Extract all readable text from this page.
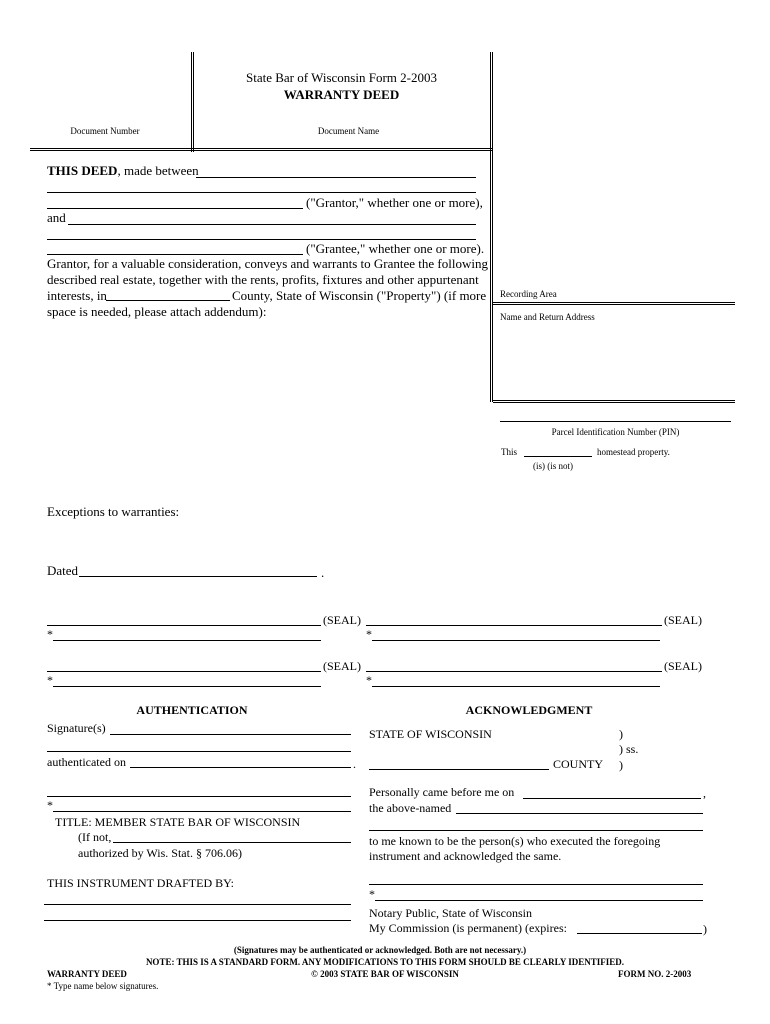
State Bar of Wisconsin Form 2-2003
WARRANTY DEED
Document Number	Document Name
THIS DEED, made between
("Grantor," whether one or more),
and
("Grantee," whether one or more).
Grantor, for a valuable consideration, conveys and warrants to Grantee the following
described real estate, together with the rents, profits, fixtures and other appurtenant
interests, in	County, State of Wisconsin ("Property") (if more
space is needed, please attach addendum):
Recording Area
Name and Return Address
Parcel Identification Number (PIN)
This	homestead property.
(is) (is not)
Exceptions to warranties:
Dated	.
(SEAL)	(SEAL)
*	*
(SEAL)	(SEAL)
*	*
AUTHENTICATION
Signature(s)
authenticated on	.
*
TITLE: MEMBER STATE BAR OF WISCONSIN
(If not,
authorized by Wis. Stat. § 706.06)
THIS INSTRUMENT DRAFTED BY:
ACKNOWLEDGMENT
STATE OF WISCONSIN	)
) ss.
COUNTY )
Personally came before me on	,
the above-named
to me known to be the person(s) who executed the foregoing
instrument and acknowledged the same.
*
Notary Public, State of Wisconsin
My Commission (is permanent) (expires:	)
(Signatures may be authenticated or acknowledged. Both are not necessary.)
NOTE: THIS IS A STANDARD FORM. ANY MODIFICATIONS TO THIS FORM SHOULD BE CLEARLY IDENTIFIED.
WARRANTY DEED	© 2003 STATE BAR OF WISCONSIN	FORM NO. 2-2003
* Type name below signatures.
